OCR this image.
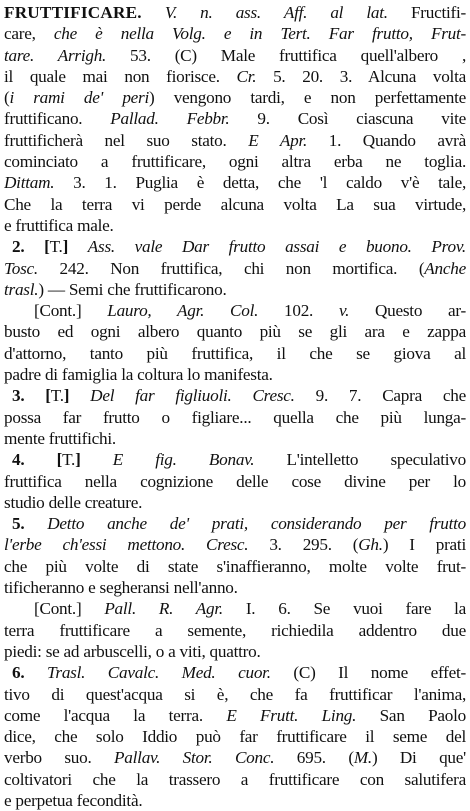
FRUTTIFICARE. V. n. ass. Aff. al lat. Fructifi-
care, che è nella Volg. e in Tert. Far frutto, Frut-
tare. Arrigh. 53. (C) Male fruttifica quell'albero ,
il quale mai non fiorisce. Cr. 5. 20. 3. Alcuna volta
(i rami de' peri) vengono tardi, e non perfettamente
fruttificano. Pallad. Febbr. 9. Così ciascuna vite
fruttificherà nel suo stato. E Apr. 1. Quando avrà
cominciato a fruttificare, ogni altra erba ne toglia.
Dittam. 3. 1. Puglia è detta, che 'l caldo v'è tale,
Che la terra vi perde alcuna volta La sua virtude,
e fruttifica male.
2. [T.] Ass. vale Dar frutto assai e buono. Prov.
Tosc. 242. Non fruttifica, chi non mortifica. (Anche
trasl.) — Semi che fruttificarono.
[Cont.] Lauro, Agr. Col. 102. v. Questo ar-
busto ed ogni albero quanto più se gli ara e zappa
d'attorno, tanto più fruttifica, il che se giova al
padre di famiglia la coltura lo manifesta.
3. [T.] Del far figliuoli. Cresc. 9. 7. Capra che
possa far frutto o figliare... quella che più lunga-
mente fruttifichi.
4. [T.] E fig. Bonav. L'intelletto speculativo
fruttifica nella cognizione delle cose divine per lo
studio delle creature.
5. Detto anche de' prati, considerando per frutto
l'erbe ch'essi mettono. Cresc. 3. 295. (Gh.) I prati
che più volte di state s'inaffieranno, molte volte frut-
tificheranno e segheransi nell'anno.
[Cont.] Pall. R. Agr. I. 6. Se vuoi fare la
terra fruttificare a semente, richiedila addentro due
piedi: se ad arbuscelli, o a viti, quattro.
6. Trasl. Cavalc. Med. cuor. (C) Il nome effet-
tivo di quest'acqua si è, che fa fruttificar l'anima,
come l'acqua la terra. E Frutt. Ling. San Paolo
dice, che solo Iddio può far fruttificare il seme del
verbo suo. Pallav. Stor. Conc. 695. (M.) Di que'
coltivatori che la trassero a fruttificare con salutifera
e perpetua fecondità.
